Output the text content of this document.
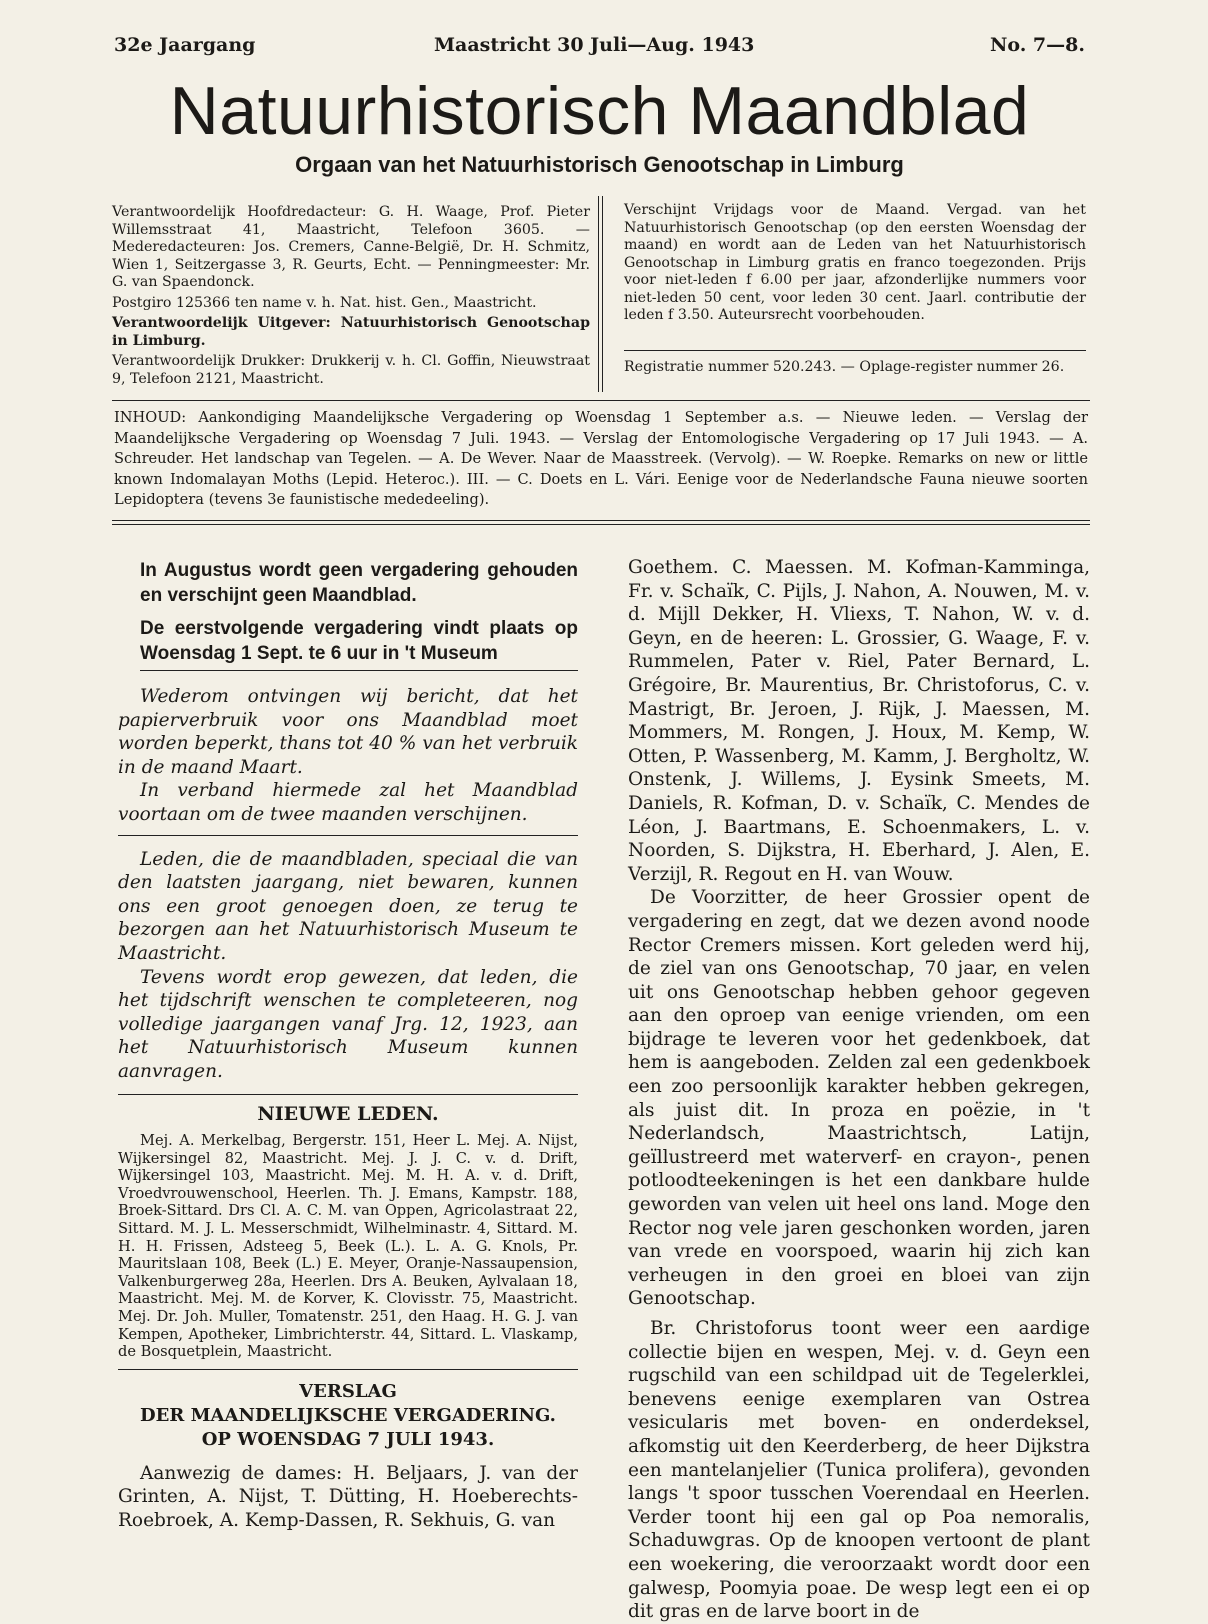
32e Jaargang	Maastricht 30 Juli—Aug. 1943	No. 7—8.
Natuurhistorisch Maandblad
Orgaan van het Natuurhistorisch Genootschap in Limburg

Verantwoordelijk Hoofdredacteur: G. H. Waage, Prof. Pieter Willemsstraat 41, Maastricht, Telefoon 3605. — Mederedacteuren: Jos. Cremers, Canne-België, Dr. H. Schmitz, Wien 1, Seitzergasse 3, R. Geurts, Echt. — Penningmeester: Mr. G. van Spaendonck.

Postgiro 125366 ten name v. h. Nat. hist. Gen., Maastricht.

Verantwoordelijk Uitgever: Natuurhistorisch Genootschap in Limburg.

Verantwoordelijk Drukker: Drukkerij v. h. Cl. Goffin, Nieuwstraat 9, Telefoon 2121, Maastricht.

Verschijnt Vrijdags voor de Maand. Vergad. van het Natuurhistorisch Genootschap (op den eersten Woensdag der maand) en wordt aan de Leden van het Natuurhistorisch Genootschap in Limburg gratis en franco toegezonden. Prijs voor niet-leden f 6.00 per jaar, afzonderlijke nummers voor niet-leden 50 cent, voor leden 30 cent. Jaarl. contributie der leden f 3.50. Auteursrecht voorbehouden.

Registratie nummer 520.243. — Oplage-register nummer 26.
INHOUD: Aankondiging Maandelijksche Vergadering op Woensdag 1 September a.s. — Nieuwe leden. — Verslag der Maandelijksche Vergadering op Woensdag 7 Juli. 1943. — Verslag der Entomologische Vergadering op 17 Juli 1943. — A. Schreuder. Het landschap van Tegelen. — A. De Wever. Naar de Maasstreek. (Vervolg). — W. Roepke. Remarks on new or little known Indomalayan Moths (Lepid. Heteroc.). III. — C. Doets en L. Vári. Eenige voor de Nederlandsche Fauna nieuwe soorten Lepidoptera (tevens 3e faunistische mededeeling).

In Augustus wordt geen vergadering gehouden en verschijnt geen Maandblad.

De eerstvolgende vergadering vindt plaats op Woensdag 1 Sept. te 6 uur in 't Museum

Wederom ontvingen wij bericht, dat het papierverbruik voor ons Maandblad moet worden beperkt, thans tot 40 % van het verbruik in de maand Maart.

In verband hiermede zal het Maandblad voortaan om de twee maanden verschijnen.

Leden, die de maandbladen, speciaal die van den laatsten jaargang, niet bewaren, kunnen ons een groot genoegen doen, ze terug te bezorgen aan het Natuurhistorisch Museum te Maastricht.

Tevens wordt erop gewezen, dat leden, die het tijdschrift wenschen te completeeren, nog volledige jaargangen vanaf Jrg. 12, 1923, aan het Natuurhistorisch Museum kunnen aanvragen.

NIEUWE LEDEN.

Mej. A. Merkelbag, Bergerstr. 151, Heer L. Mej. A. Nijst, Wijkersingel 82, Maastricht. Mej. J. J. C. v. d. Drift, Wijkersingel 103, Maastricht. Mej. M. H. A. v. d. Drift, Vroedvrouwenschool, Heerlen. Th. J. Emans, Kampstr. 188, Broek-Sittard. Drs Cl. A. C. M. van Oppen, Agricolastraat 22, Sittard. M. J. L. Messerschmidt, Wilhelminastr. 4, Sittard. M. H. H. Frissen, Adsteeg 5, Beek (L.). L. A. G. Knols, Pr. Mauritslaan 108, Beek (L.) E. Meyer, Oranje-Nassaupension, Valkenburgerweg 28a, Heerlen. Drs A. Beuken, Aylvalaan 18, Maastricht. Mej. M. de Korver, K. Clovisstr. 75, Maastricht. Mej. Dr. Joh. Muller, Tomatenstr. 251, den Haag. H. G. J. van Kempen, Apotheker, Limbrichterstr. 44, Sittard. L. Vlaskamp, de Bosquetplein, Maastricht.

VERSLAG
DER MAANDELIJKSCHE VERGADERING.
OP WOENSDAG 7 JULI 1943.

Aanwezig de dames: H. Beljaars, J. van der Grinten, A. Nijst, T. Dütting, H. Hoeberechts-Roebroek, A. Kemp-Dassen, R. Sekhuis, G. van

Goethem. C. Maessen. M. Kofman-Kamminga, Fr. v. Schaïk, C. Pijls, J. Nahon, A. Nouwen, M. v. d. Mijll Dekker, H. Vliexs, T. Nahon, W. v. d. Geyn, en de heeren: L. Grossier, G. Waage, F. v. Rummelen, Pater v. Riel, Pater Bernard, L. Grégoire, Br. Maurentius, Br. Christoforus, C. v. Mastrigt, Br. Jeroen, J. Rijk, J. Maessen, M. Mommers, M. Rongen, J. Houx, M. Kemp, W. Otten, P. Wassenberg, M. Kamm, J. Bergholtz, W. Onstenk, J. Willems, J. Eysink Smeets, M. Daniels, R. Kofman, D. v. Schaïk, C. Mendes de Léon, J. Baartmans, E. Schoenmakers, L. v. Noorden, S. Dijkstra, H. Eberhard, J. Alen, E. Verzijl, R. Regout en H. van Wouw.

De Voorzitter, de heer Grossier opent de vergadering en zegt, dat we dezen avond noode Rector Cremers missen. Kort geleden werd hij, de ziel van ons Genootschap, 70 jaar, en velen uit ons Genootschap hebben gehoor gegeven aan den oproep van eenige vrienden, om een bijdrage te leveren voor het gedenkboek, dat hem is aangeboden. Zelden zal een gedenkboek een zoo persoonlijk karakter hebben gekregen, als juist dit. In proza en poëzie, in 't Nederlandsch, Maastrichtsch, Latijn, geïllustreerd met waterverf- en crayon-, penen potloodteekeningen is het een dankbare hulde geworden van velen uit heel ons land. Moge den Rector nog vele jaren geschonken worden, jaren van vrede en voorspoed, waarin hij zich kan verheugen in den groei en bloei van zijn Genootschap.

Br. Christoforus toont weer een aardige collectie bijen en wespen, Mej. v. d. Geyn een rugschild van een schildpad uit de Tegelerklei, benevens eenige exemplaren van Ostrea vesicularis met boven- en onderdeksel, afkomstig uit den Keerderberg, de heer Dijkstra een mantelanjelier (Tunica prolifera), gevonden langs 't spoor tusschen Voerendaal en Heerlen. Verder toont hij een gal op Poa nemoralis, Schaduwgras. Op de knoopen vertoont de plant een woekering, die veroorzaakt wordt door een galwesp, Poomyia poae. De wesp legt een ei op dit gras en de larve boort in de
